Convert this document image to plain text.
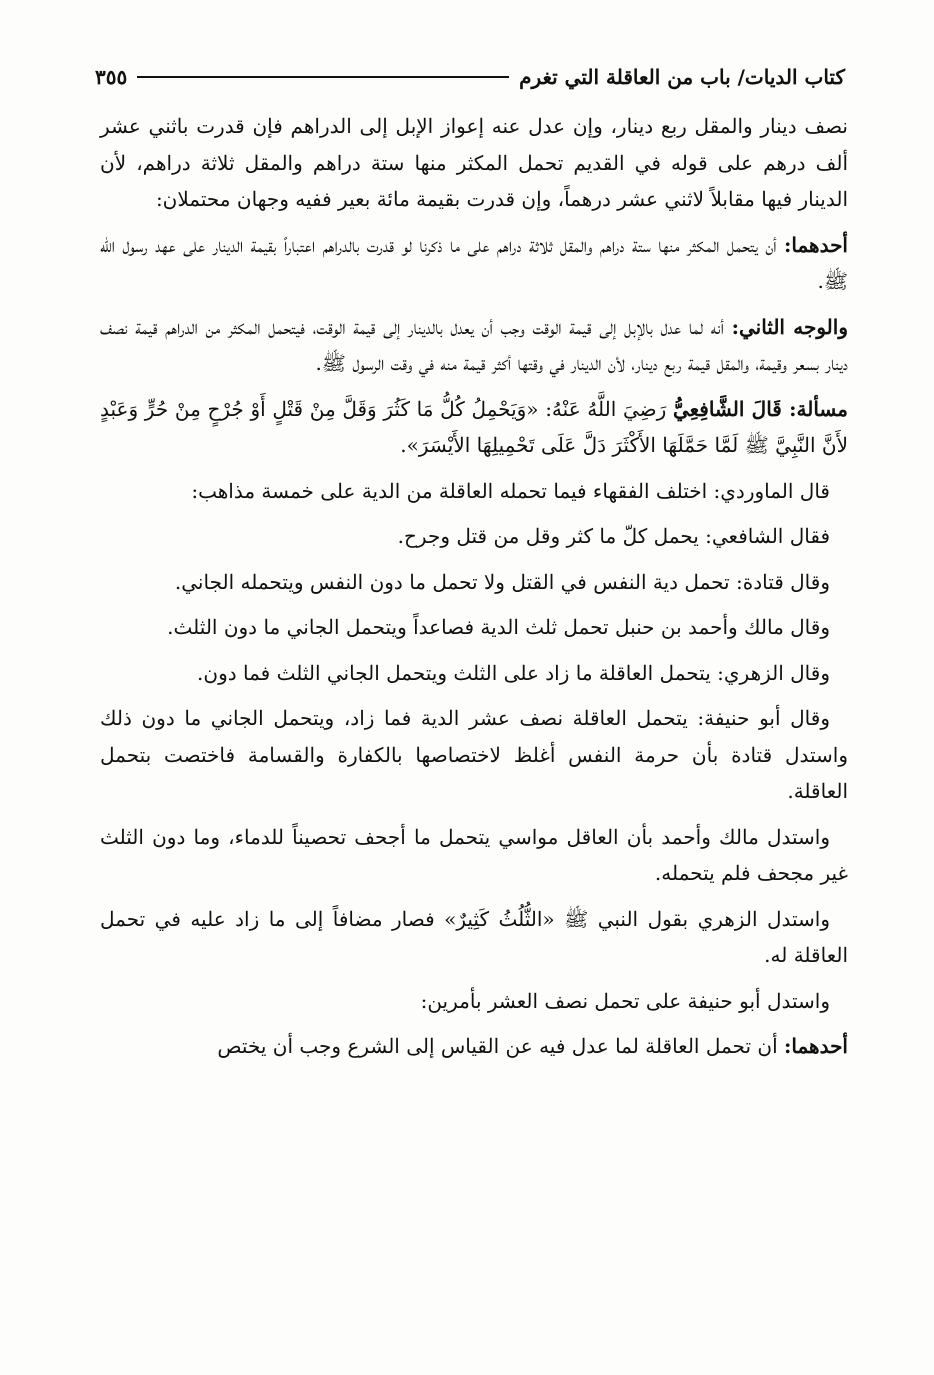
كتاب الديات/ باب من العاقلة التي تغرم
٣٥٥

نصف دينار والمقل ربع دينار، وإن عدل عنه إعواز الإبل إلى الدراهم فإن قدرت باثني عشر ألف درهم على قوله في القديم تحمل المكثر منها ستة دراهم والمقل ثلاثة دراهم، لأن الدينار فيها مقابلاً لاثني عشر درهماً، وإن قدرت بقيمة مائة بعير ففيه وجهان محتملان:

أحدهما: أن يتحمل المكثر منها ستة دراهم والمقل ثلاثة دراهم على ما ذكرنا لو قدرت بالدراهم اعتباراً بقيمة الدينار على عهد رسول الله ﷺ.

والوجه الثاني: أنه لما عدل بالإبل إلى قيمة الوقت وجب أن يعدل بالدينار إلى قيمة الوقت، فيتحمل المكثر من الدراهم قيمة نصف دينار بسعر وقيمة، والمقل قيمة ربع دينار، لأن الدينار في وقتها أكثر قيمة منه في وقت الرسول ﷺ.

مسألة: قَالَ الشَّافِعِيُّ رَضِيَ اللَّهُ عَنْهُ: «وَيَحْمِلُ كُلُّ مَا كَثُرَ وَقَلَّ مِنْ قَتْلٍ أَوْ جُرْحٍ مِنْ حُرٍّ وَعَبْدٍ لأَنَّ النَّبِيَّ ﷺ لَمَّا حَمَّلَهَا الأَكْثَرَ دَلَّ عَلَى تَحْمِيلِهَا الأَيْسَرَ».

قال الماوردي: اختلف الفقهاء فيما تحمله العاقلة من الدية على خمسة مذاهب:

فقال الشافعي: يحمل كلّ ما كثر وقل من قتل وجرح.

وقال قتادة: تحمل دية النفس في القتل ولا تحمل ما دون النفس ويتحمله الجاني.

وقال مالك وأحمد بن حنبل تحمل ثلث الدية فصاعداً ويتحمل الجاني ما دون الثلث.

وقال الزهري: يتحمل العاقلة ما زاد على الثلث ويتحمل الجاني الثلث فما دون.

وقال أبو حنيفة: يتحمل العاقلة نصف عشر الدية فما زاد، ويتحمل الجاني ما دون ذلك واستدل قتادة بأن حرمة النفس أغلظ لاختصاصها بالكفارة والقسامة فاختصت بتحمل العاقلة.

واستدل مالك وأحمد بأن العاقل مواسي يتحمل ما أجحف تحصيناً للدماء، وما دون الثلث غير مجحف فلم يتحمله.

واستدل الزهري بقول النبي ﷺ «الثُّلُثُ كَثِيرٌ» فصار مضافاً إلى ما زاد عليه في تحمل العاقلة له.

واستدل أبو حنيفة على تحمل نصف العشر بأمرين:

أحدهما: أن تحمل العاقلة لما عدل فيه عن القياس إلى الشرع وجب أن يختص
